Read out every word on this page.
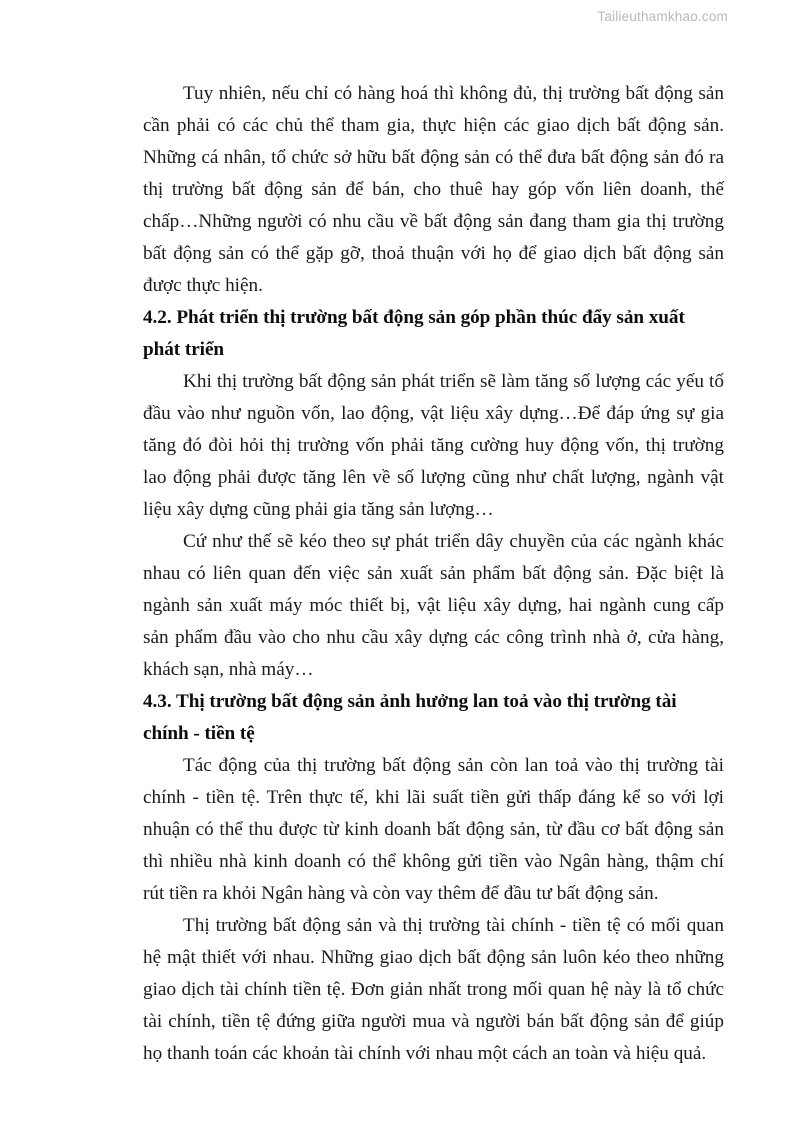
Tailieuthamkhao.com

Tuy nhiên, nếu chỉ có hàng hoá thì không đủ, thị trường bất động sản cần phải có các chủ thể tham gia, thực hiện các giao dịch bất động sản. Những cá nhân, tổ chức sở hữu bất động sản có thể đưa bất động sản đó ra thị trường bất động sản để bán, cho thuê hay góp vốn liên doanh, thế chấp…Những người có nhu cầu về bất động sản đang tham gia thị trường bất động sản có thể gặp gỡ, thoả thuận với họ để giao dịch bất động sản được thực hiện.

4.2. Phát triển thị trường bất động sản góp phần thúc đẩy sản xuất phát triển

Khi thị trường bất động sản phát triển sẽ làm tăng số lượng các yếu tố đầu vào như nguồn vốn, lao động, vật liệu xây dựng…Để đáp ứng sự gia tăng đó đòi hỏi thị trường vốn phải tăng cường huy động vốn, thị trường lao động phải được tăng lên về số lượng cũng như chất lượng, ngành vật liệu xây dựng cũng phải gia tăng sản lượng…

Cứ như thế sẽ kéo theo sự phát triển dây chuyền của các ngành khác nhau có liên quan đến việc sản xuất sản phẩm bất động sản. Đặc biệt là ngành sản xuất máy móc thiết bị, vật liệu xây dựng, hai ngành cung cấp sản phẩm đầu vào cho nhu cầu xây dựng các công trình nhà ở, cửa hàng, khách sạn, nhà máy…

4.3. Thị trường bất động sản ảnh hưởng lan toả vào thị trường tài chính - tiền tệ

Tác động của thị trường bất động sản còn lan toả vào thị trường tài chính - tiền tệ. Trên thực tế, khi lãi suất tiền gửi thấp đáng kể so với lợi nhuận có thể thu được từ kinh doanh bất động sản, từ đầu cơ bất động sản thì nhiều nhà kinh doanh có thể không gửi tiền vào Ngân hàng, thậm chí rút tiền ra khỏi Ngân hàng và còn vay thêm để đầu tư bất động sản.

Thị trường bất động sản và thị trường tài chính - tiền tệ có mối quan hệ mật thiết với nhau. Những giao dịch bất động sản luôn kéo theo những giao dịch tài chính tiền tệ. Đơn giản nhất trong mối quan hệ này là tổ chức tài chính, tiền tệ đứng giữa người mua và người bán bất động sản để giúp họ thanh toán các khoản tài chính với nhau một cách an toàn và hiệu quả.
